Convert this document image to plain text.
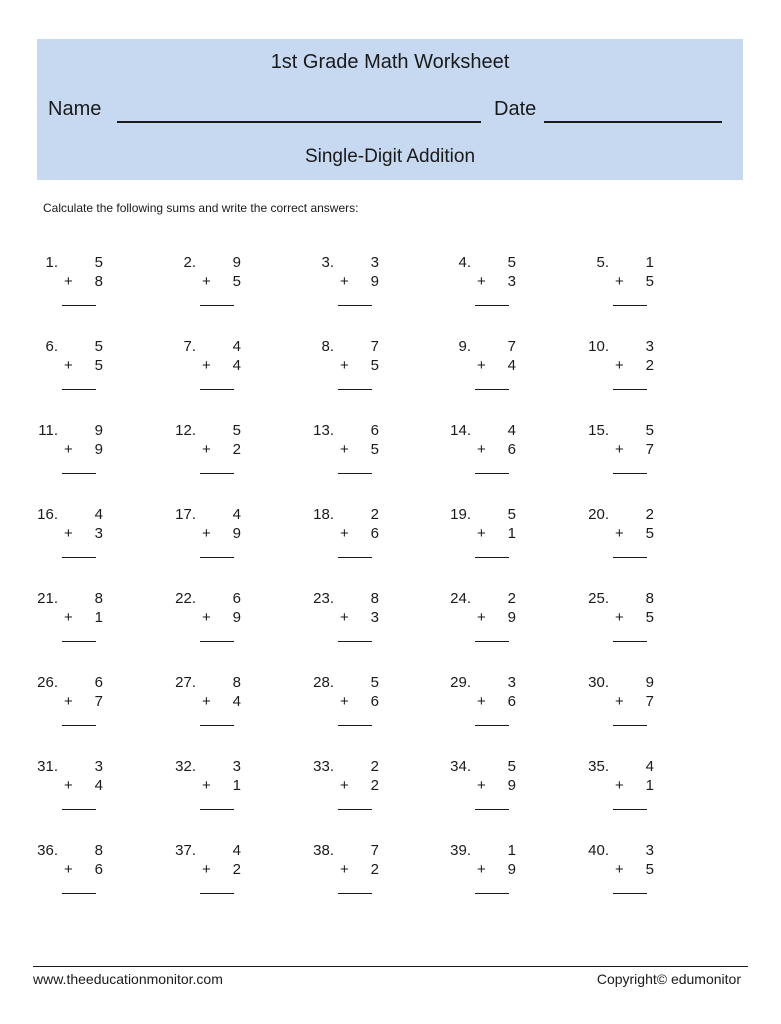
1st Grade Math Worksheet
Name	Date
Single-Digit Addition
Calculate the following sums and write the correct answers:
1. 5
+ 8
2. 9
+ 5
3. 3
+ 9
4. 5
+ 3
5. 1
+ 5
6. 5
+ 5
7. 4
+ 4
8. 7
+ 5
9. 7
+ 4
10. 3
+ 2
11. 9
+ 9
12. 5
+ 2
13. 6
+ 5
14. 4
+ 6
15. 5
+ 7
16. 4
+ 3
17. 4
+ 9
18. 2
+ 6
19. 5
+ 1
20. 2
+ 5
21. 8
+ 1
22. 6
+ 9
23. 8
+ 3
24. 2
+ 9
25. 8
+ 5
26. 6
+ 7
27. 8
+ 4
28. 5
+ 6
29. 3
+ 6
30. 9
+ 7
31. 3
+ 4
32. 3
+ 1
33. 2
+ 2
34. 5
+ 9
35. 4
+ 1
36. 8
+ 6
37. 4
+ 2
38. 7
+ 2
39. 1
+ 9
40. 3
+ 5
www.theeducationmonitor.com	Copyright© edumonitor
